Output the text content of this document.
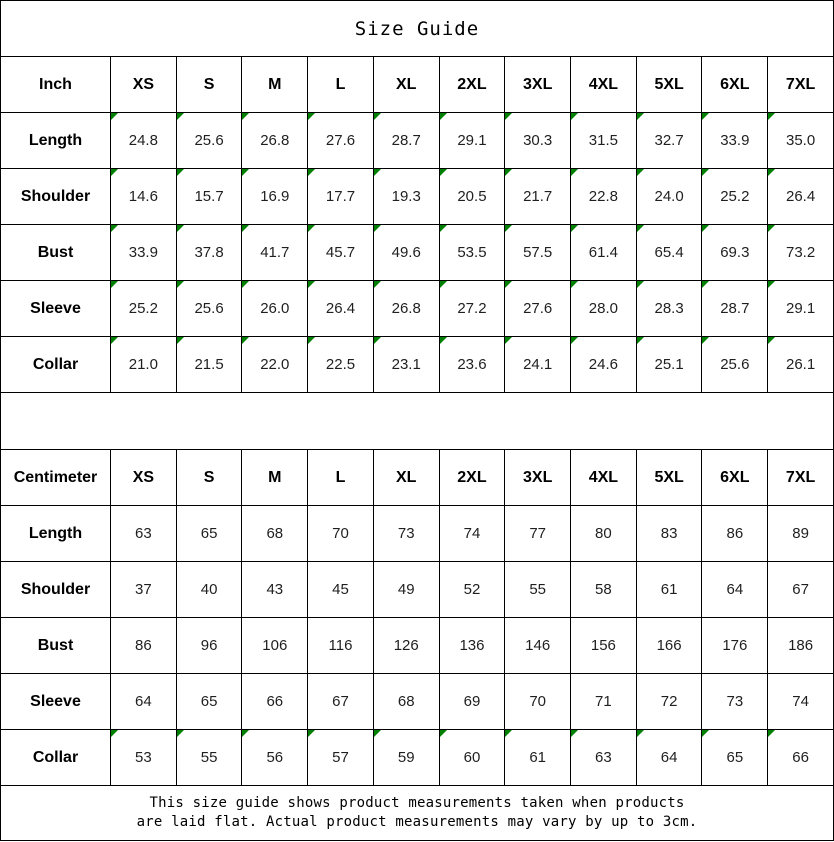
Size Guide											
Inch	XS	S	M	L	XL	2XL	3XL	4XL	5XL	6XL	7XL
Length	24.8	25.6	26.8	27.6	28.7	29.1	30.3	31.5	32.7	33.9	35.0
Shoulder	14.6	15.7	16.9	17.7	19.3	20.5	21.7	22.8	24.0	25.2	26.4
Bust	33.9	37.8	41.7	45.7	49.6	53.5	57.5	61.4	65.4	69.3	73.2
Sleeve	25.2	25.6	26.0	26.4	26.8	27.2	27.6	28.0	28.3	28.7	29.1
Collar	21.0	21.5	22.0	22.5	23.1	23.6	24.1	24.6	25.1	25.6	26.1

Centimeter	XS	S	M	L	XL	2XL	3XL	4XL	5XL	6XL	7XL
Length	63	65	68	70	73	74	77	80	83	86	89
Shoulder	37	40	43	45	49	52	55	58	61	64	67
Bust	86	96	106	116	126	136	146	156	166	176	186
Sleeve	64	65	66	67	68	69	70	71	72	73	74
Collar	53	55	56	57	59	60	61	63	64	65	66

This size guide shows product measurements taken when products
are laid flat. Actual product measurements may vary by up to 3cm.											
